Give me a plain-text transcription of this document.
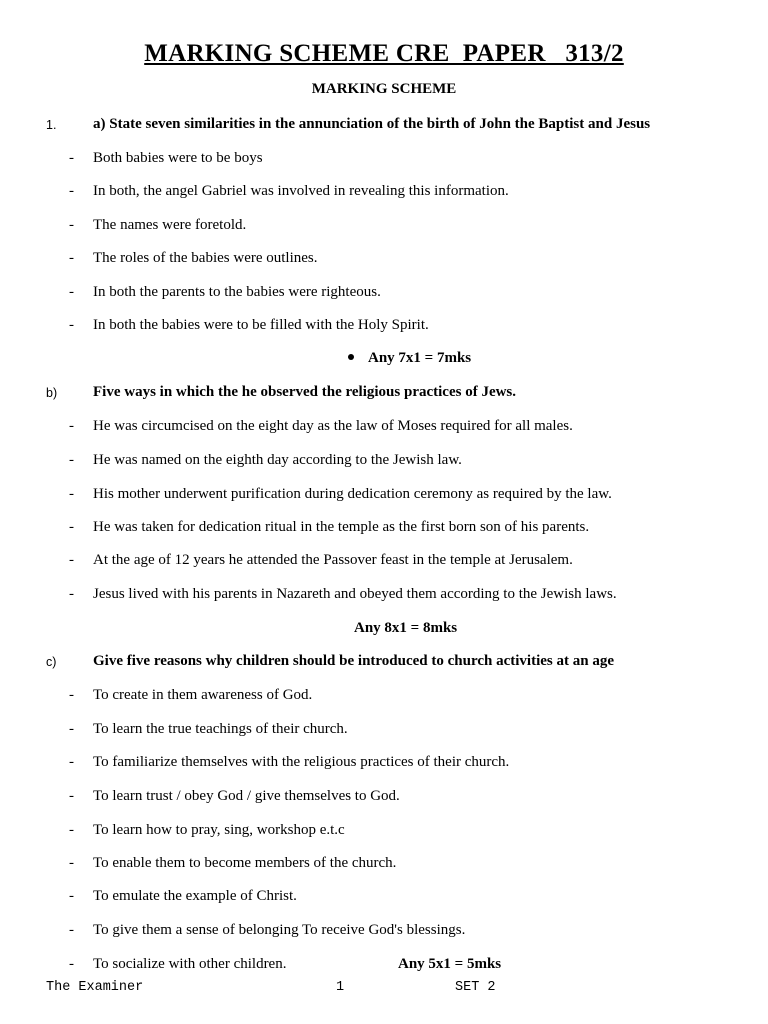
MARKING SCHEME CRE  PAPER   313/2
MARKING SCHEME
1. a) State seven similarities in the annunciation of the birth of John the Baptist and Jesus
- Both babies were to be boys
- In both, the angel Gabriel was involved in revealing this information.
- The names were foretold.
- The roles of the babies were outlines.
- In both the parents to the babies were righteous.
- In both the babies were to be filled with the Holy Spirit.
Any 7x1 = 7mks
b) Five ways in which the he observed the religious practices of Jews.
- He was circumcised on the eight day as the law of Moses required for all males.
- He was named on the eighth day according to the Jewish law.
- His mother underwent purification during dedication ceremony as required by the law.
- He was taken for dedication ritual in the temple as the first born son of his parents.
- At the age of 12 years he attended the Passover feast in the temple at Jerusalem.
- Jesus lived with his parents in Nazareth and obeyed them according to the Jewish laws.
Any 8x1 = 8mks
c) Give five reasons why children should be introduced to church activities at an age
- To create in them awareness of God.
- To learn the true teachings of their church.
- To familiarize themselves with the religious practices of their church.
- To learn trust / obey God / give themselves to God.
- To learn how to pray, sing, workshop e.t.c
- To enable them to become members of the church.
- To emulate the example of Christ.
- To give them a sense of belonging To receive God's blessings.
- To socialize with other children.	Any 5x1 = 5mks
The Examiner	1	SET 2
